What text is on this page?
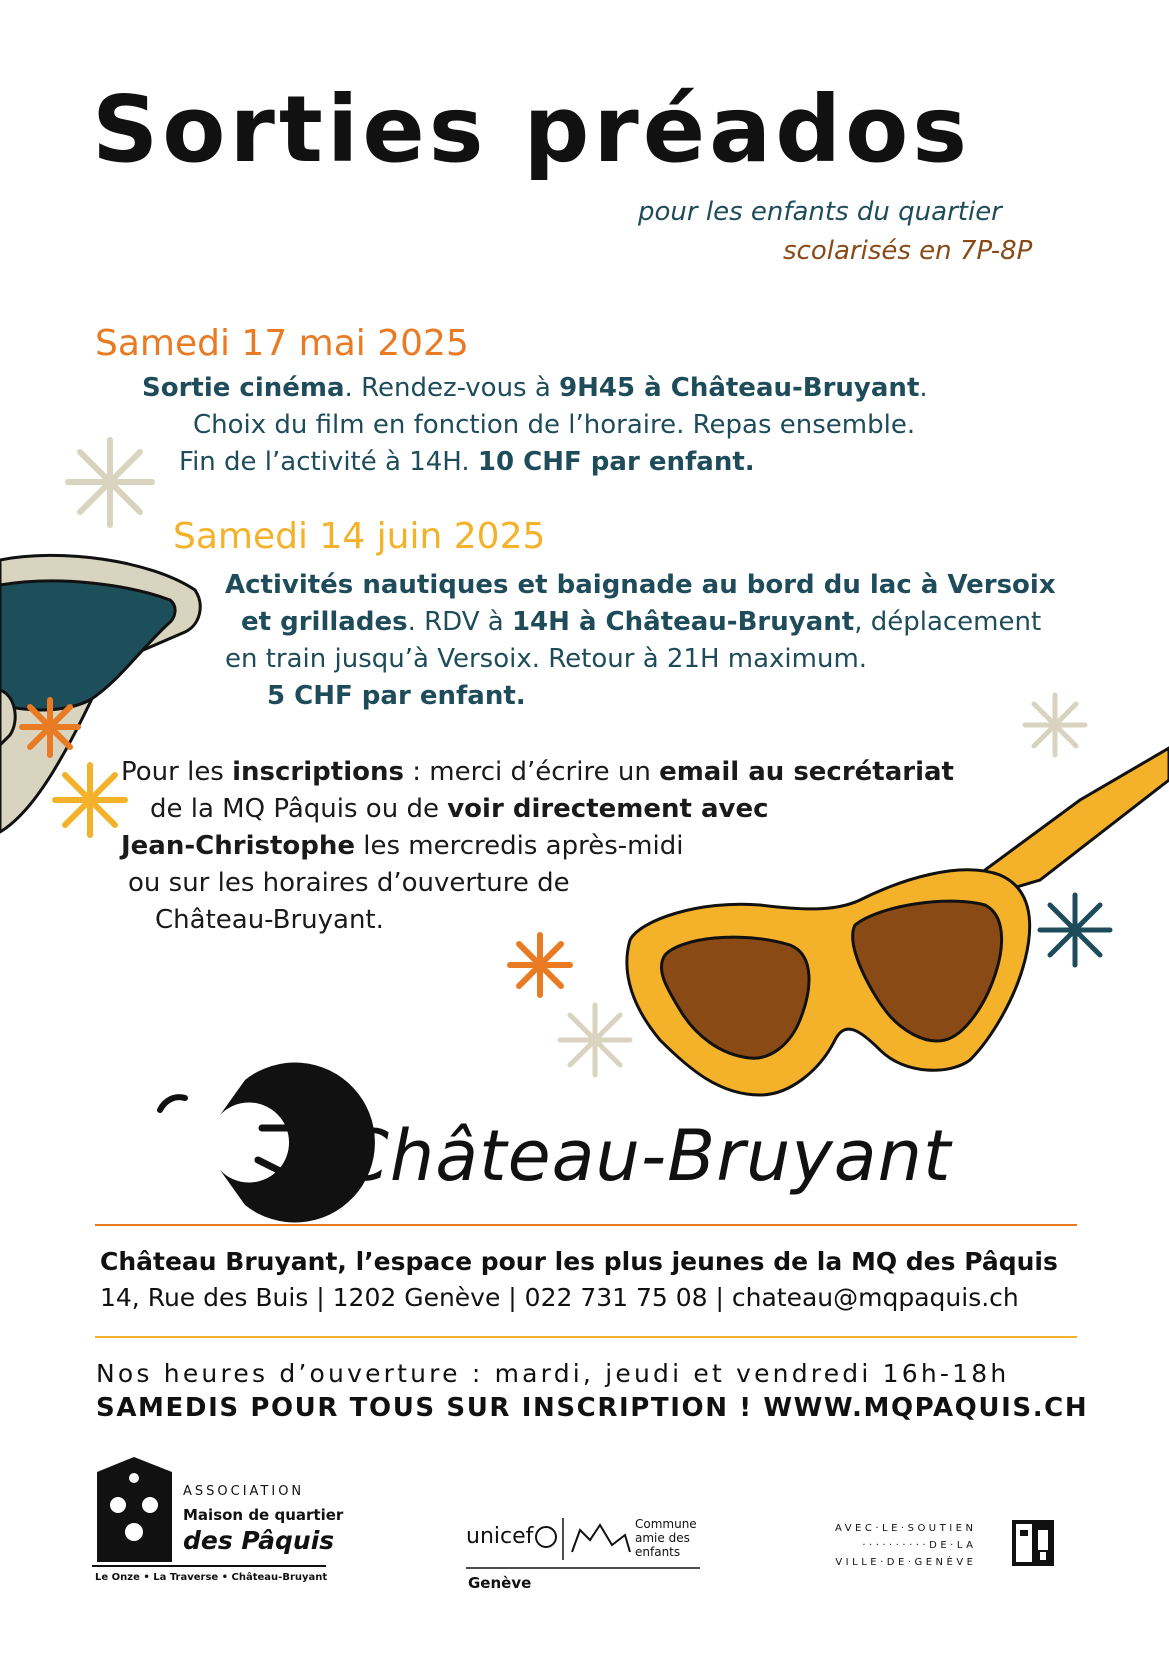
Sorties préados
pour les enfants du quartier
scolarisés en 7P-8P
Samedi 17 mai 2025
Sortie cinéma. Rendez-vous à 9H45 à Château-Bruyant.
Choix du film en fonction de l’horaire. Repas ensemble.
Fin de l’activité à 14H. 10 CHF par enfant.
Samedi 14 juin 2025
Activités nautiques et baignade au bord du lac à Versoix
et grillades. RDV à 14H à Château-Bruyant, déplacement
en train jusqu’à Versoix. Retour à 21H maximum.
5 CHF par enfant.
Pour les inscriptions : merci d’écrire un email au secrétariat
de la MQ Pâquis ou de voir directement avec
Jean-Christophe les mercredis après-midi
ou sur les horaires d’ouverture de
Château-Bruyant.
Château-Bruyant
Château Bruyant, l’espace pour les plus jeunes de la MQ des Pâquis
14, Rue des Buis | 1202 Genève | 022 731 75 08 | chateau@mqpaquis.ch
Nos heures d’ouverture : mardi, jeudi et vendredi 16h-18h
SAMEDIS POUR TOUS SUR INSCRIPTION ! WWW.MQPAQUIS.CH
ASSOCIATION
Maison de quartier
des Pâquis
Le Onze • La Traverse • Château-Bruyant
unicef	Commune amie des enfants
Genève
AVEC·LE·SOUTIEN
··········DE·LA
VILLE·DE·GENÈVE
